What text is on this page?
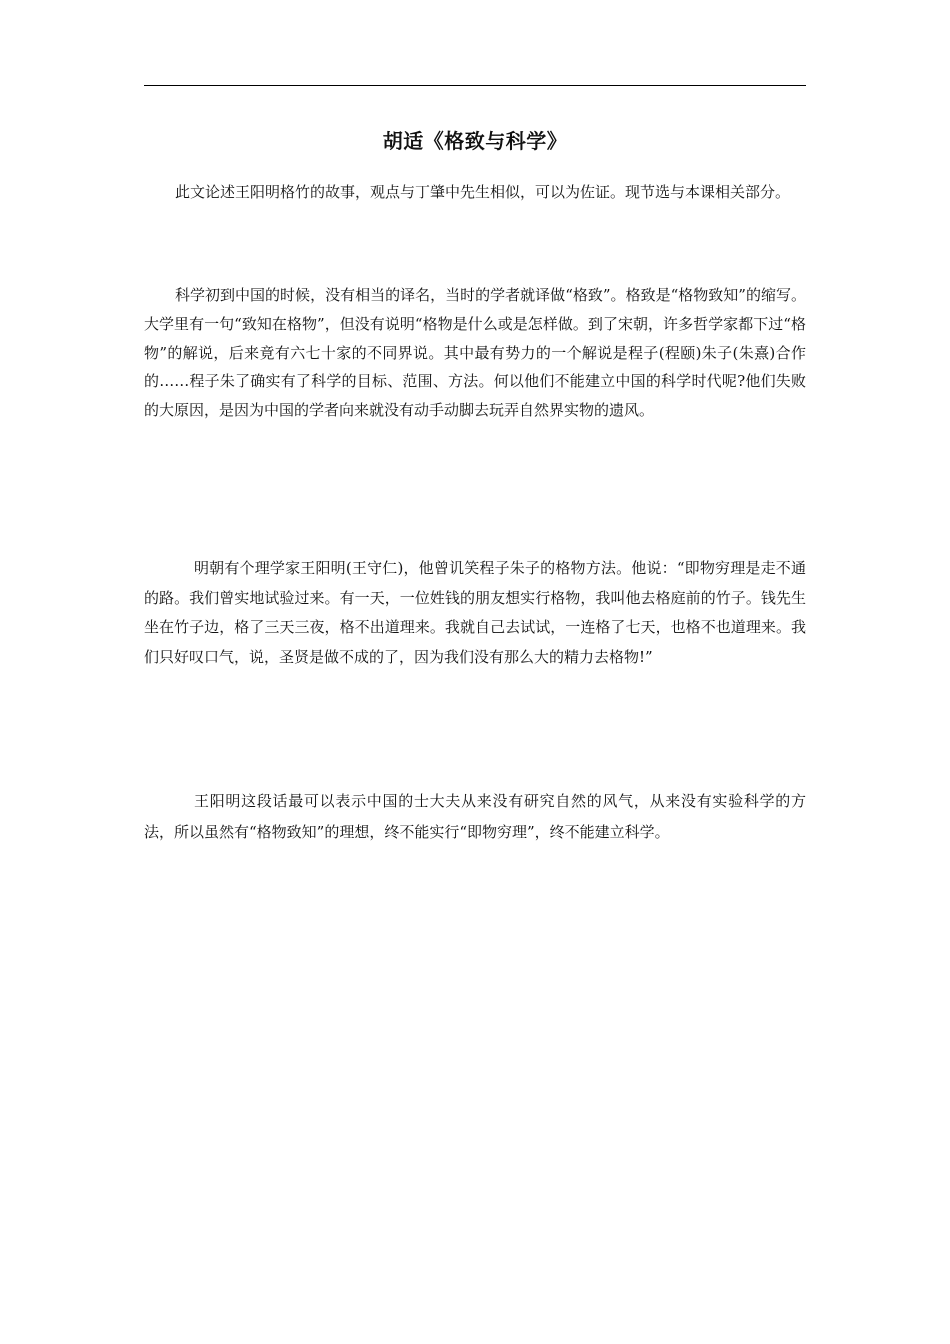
胡适《格致与科学》

此文论述王阳明格竹的故事，观点与丁肇中先生相似，可以为佐证。现节选与本课相关部分。

科学初到中国的时候，没有相当的译名，当时的学者就译做“格致”。格致是“格物致知”的缩写。大学里有一句“致知在格物”，但没有说明“格物是什么或是怎样做。到了宋朝，许多哲学家都下过“格物”的解说，后来竟有六七十家的不同界说。其中最有势力的一个解说是程子(程颐)朱子(朱熹)合作的……程子朱了确实有了科学的目标、范围、方法。何以他们不能建立中国的科学时代呢?他们失败的大原因，是因为中国的学者向来就没有动手动脚去玩弄自然界实物的遗风。

明朝有个理学家王阳明(王守仁)，他曾讥笑程子朱子的格物方法。他说：“即物穷理是走不通的路。我们曾实地试验过来。有一天，一位姓钱的朋友想实行格物，我叫他去格庭前的竹子。钱先生坐在竹子边，格了三天三夜，格不出道理来。我就自己去试试，一连格了七天，也格不也道理来。我们只好叹口气，说，圣贤是做不成的了，因为我们没有那么大的精力去格物!”

王阳明这段话最可以表示中国的士大夫从来没有研究自然的风气，从来没有实验科学的方法，所以虽然有“格物致知”的理想，终不能实行“即物穷理”，终不能建立科学。
